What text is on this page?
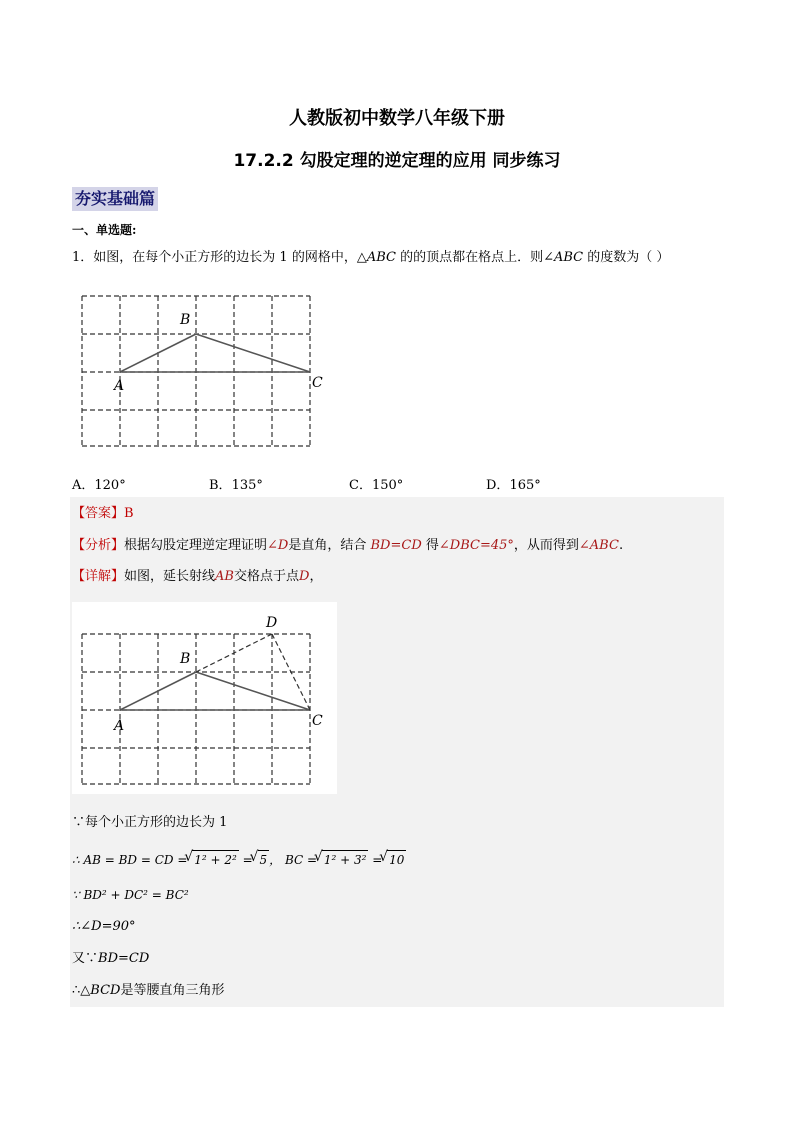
人教版初中数学八年级下册
17.2.2 勾股定理的逆定理的应用 同步练习
夯实基础篇
一、单选题:
1．如图，在每个小正方形的边长为 1 的网格中，△ABC 的的顶点都在格点上．则∠ABC 的度数为（ ）
B
A	C
A．120°	B．135°	C．150°	D．165°
【答案】B
【分析】根据勾股定理逆定理证明∠D是直角，结合 BD=CD 得∠DBC=45°，从而得到∠ABC.
【详解】如图，延长射线AB交格点于点D，
D
B
A	C
∵每个小正方形的边长为 1
∴ AB = BD = CD = √ 1² + 2² = √ 5 ， BC = √ 1² + 3² = √ 10
∵ BD² + DC² = BC²
∴∠D=90°
又∵BD=CD
∴△BCD是等腰直角三角形
